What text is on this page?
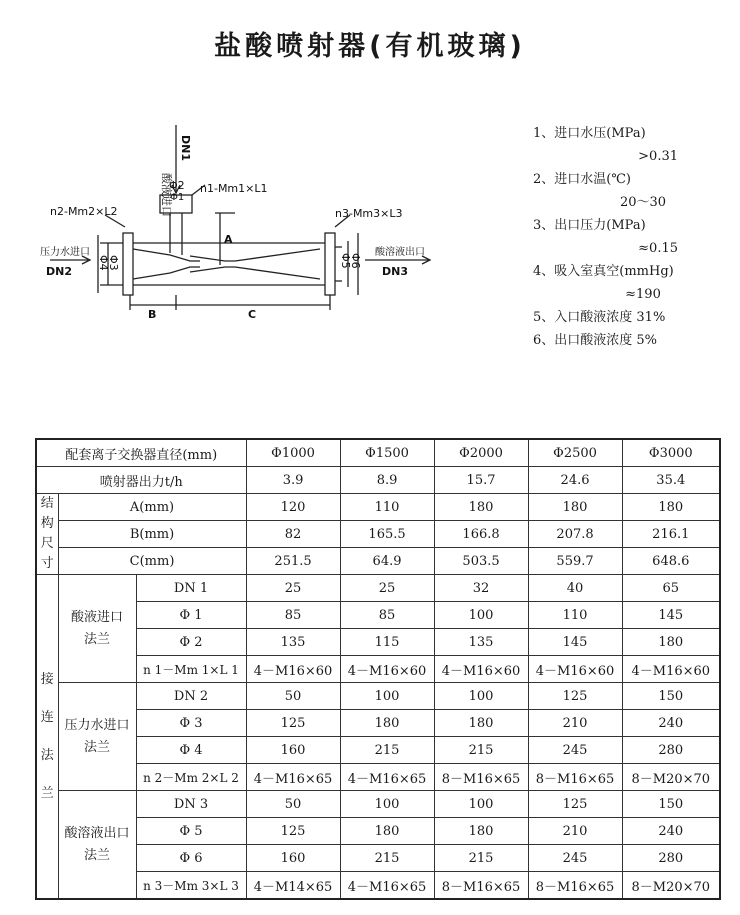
盐酸喷射器(有机玻璃)
酸液进口
DN1
Φ2
Φ1
n1-Mm1×L1
n2-Mm2×L2	n3-Mm3×L3
压力水进口
DN2
Φ4
Φ3	Φ5
Φ6
酸溶液出口
DN3
A
B	C
1、进口水压(MPa)
>0.31
2、进口水温(℃)
20～30
3、出口压力(MPa)
≈0.15
4、吸入室真空(mmHg)
≈190
5、入口酸液浓度 31%
6、出口酸液浓度 5%
配套离子交换器直径(mm)			Φ1000	Φ1500	Φ2000	Φ2500	Φ3000
喷射器出力t/h			3.9	8.9	15.7	24.6	35.4

结构尺寸	A(mm)		120	110	180	180	180
	B(mm)		82	165.5	166.8	207.8	216.1
	C(mm)		251.5	64.9	503.5	559.7	648.6

接连法兰	酸液进口法兰	DN 1	25	25	32	40	65
		Φ 1	85	85	100	110	145
		Φ 2	135	115	135	145	180
		n 1－Mm 1×L 1	4－M16×60	4－M16×60	4－M16×60	4－M16×60	4－M16×60

	压力水进口法兰	DN 2	50	100	100	125	150
		Φ 3	125	180	180	210	240
		Φ 4	160	215	215	245	280
		n 2－Mm 2×L 2	4－M16×65	4－M16×65	8－M16×65	8－M16×65	8－M20×70

	酸溶液出口法兰	DN 3	50	100	100	125	150
		Φ 5	125	180	180	210	240
		Φ 6	160	215	215	245	280
		n 3－Mm 3×L 3	4－M14×65	4－M16×65	8－M16×65	8－M16×65	8－M20×70
